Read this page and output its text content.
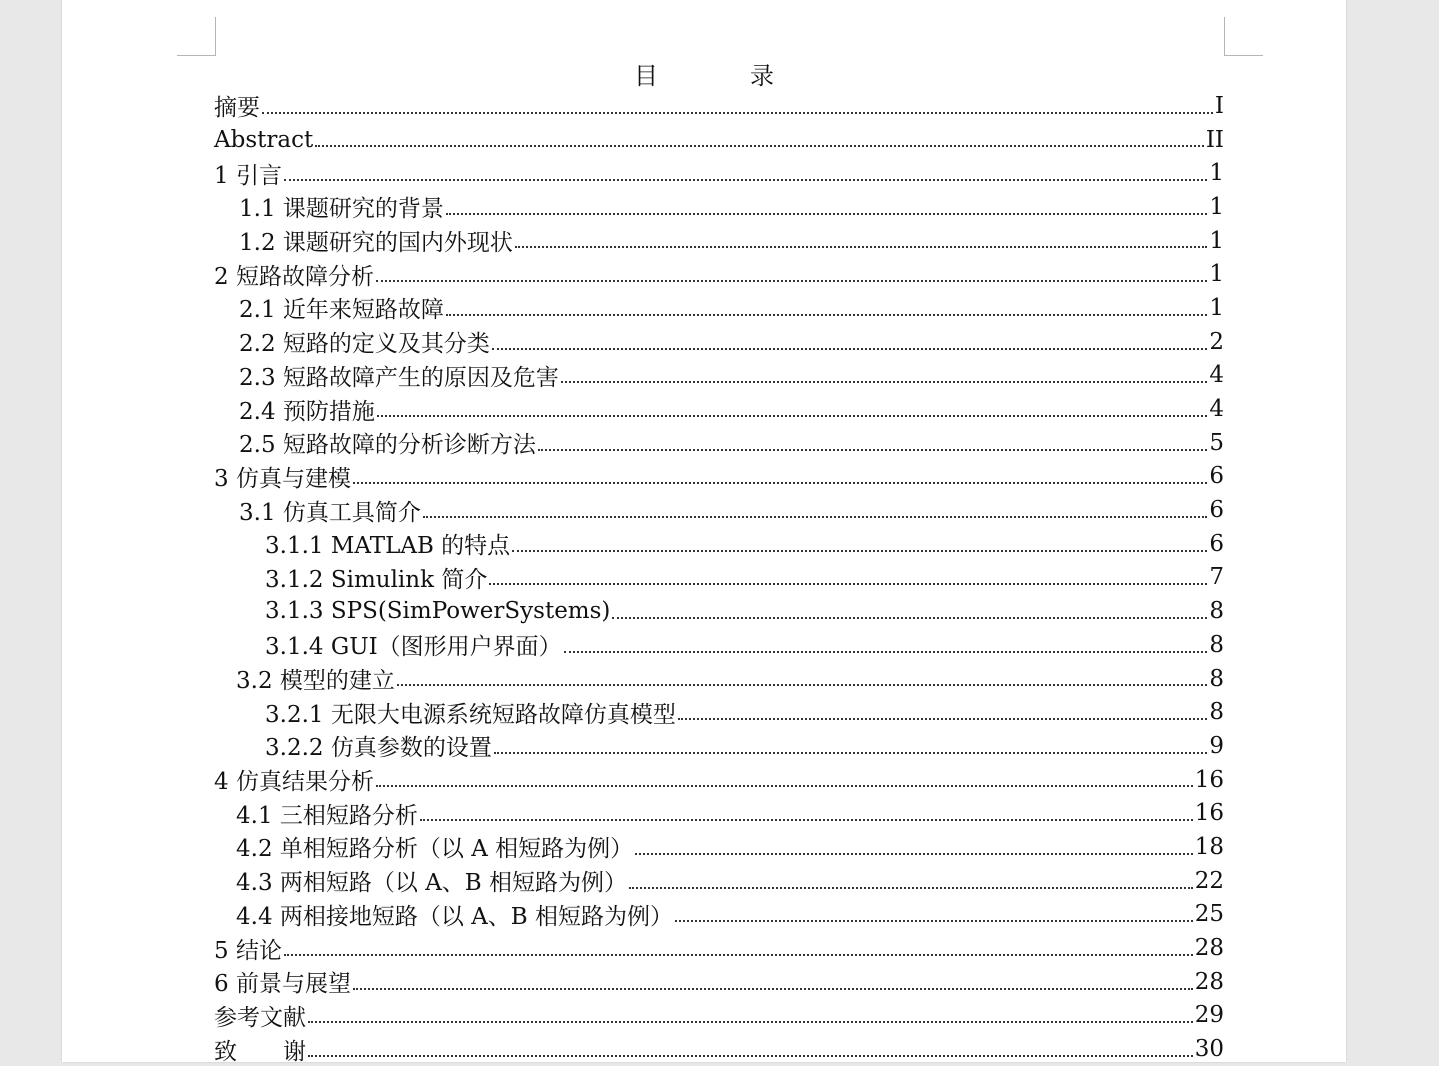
目　录
摘要	I
Abstract	II
1 引言	1
1.1 课题研究的背景	1
1.2 课题研究的国内外现状	1
2 短路故障分析	1
2.1 近年来短路故障	1
2.2 短路的定义及其分类	2
2.3 短路故障产生的原因及危害	4
2.4 预防措施	4
2.5 短路故障的分析诊断方法	5
3 仿真与建模	6
3.1 仿真工具简介	6
3.1.1 MATLAB 的特点	6
3.1.2 Simulink 简介	7
3.1.3 SPS(SimPowerSystems)	8
3.1.4 GUI（图形用户界面）	8
3.2 模型的建立	8
3.2.1 无限大电源系统短路故障仿真模型	8
3.2.2 仿真参数的设置	9
4 仿真结果分析	16
4.1 三相短路分析	16
4.2 单相短路分析（以 A 相短路为例）	18
4.3 两相短路（以 A、B 相短路为例）	22
4.4 两相接地短路（以 A、B 相短路为例）	25
5 结论	28
6 前景与展望	28
参考文献	29
致　　谢	30
